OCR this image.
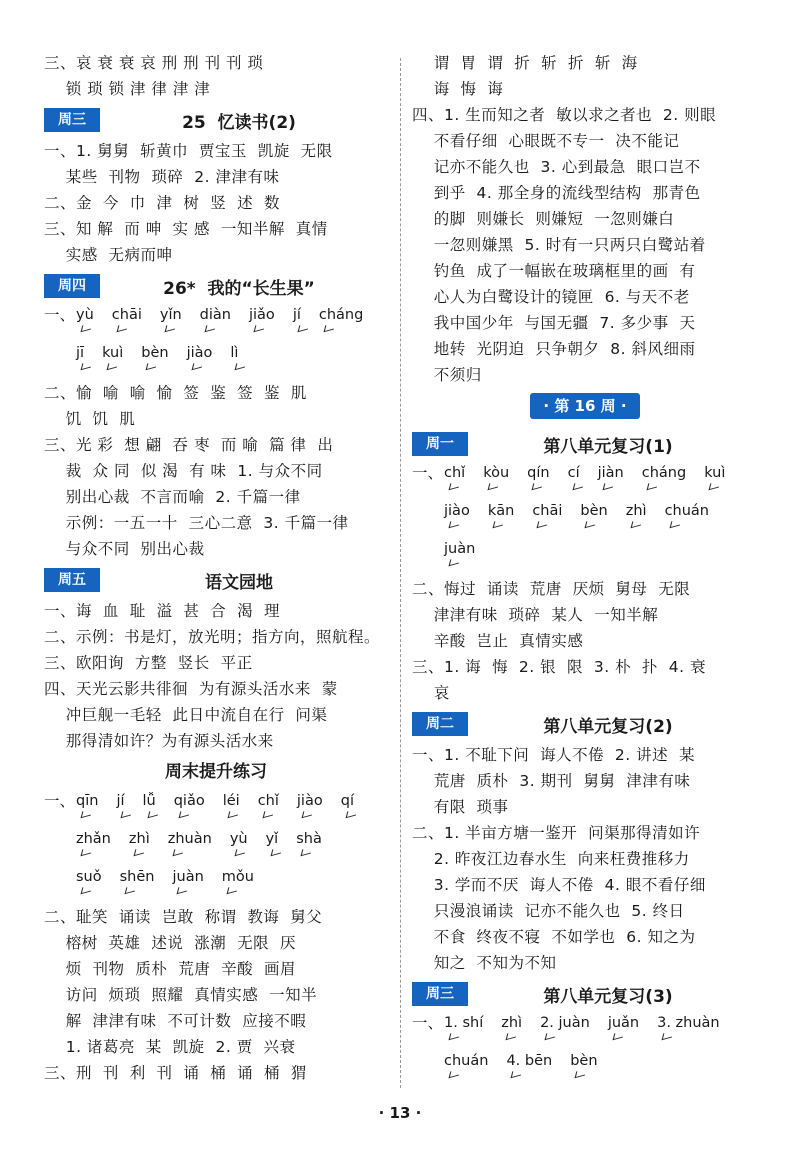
三、哀 衰 衰 哀 刑 刑 刊 刊 琐
锁 琐 锁 津 律 津 津
周三	25  忆读书(2)
一、1. 舅舅  斩黄巾  贾宝玉  凯旋  无限
某些  刊物  琐碎  2. 津津有味
二、金  今  巾  津  树  竖  述  数
三、知 解  而 呻  实 感  一知半解  真情
实感  无病而呻
周四	26*  我的“长生果”
一、 yù chāi yǐn diàn jiǎo jí cháng
jī kuì bèn jiào lì
二、愉  喻  喻  愉  签  鉴  签  鉴  肌
饥  饥  肌
三、光 彩  想 翩  吞 枣  而 喻  篇 律  出
裁  众 同  似 渴  有 味  1. 与众不同
别出心裁  不言而喻  2. 千篇一律
示例：一五一十  三心二意  3. 千篇一律
与众不同  别出心裁
周五	语文园地
一、诲  血  耻  溢  甚  合  渴  理
二、示例：书是灯，放光明；指方向，照航程。
三、欧阳询  方整  竖长  平正
四、天光云影共徘徊  为有源头活水来  蒙
冲巨舰一毛轻  此日中流自在行  问渠
那得清如许？为有源头活水来
周末提升练习
一、 qīn jí lǚ qiǎo léi chǐ jiào qí
zhǎn zhì zhuàn yù yǐ shà
suǒ shēn juàn mǒu
二、耻笑  诵读  岂敢  称谓  教诲  舅父
榕树  英雄  述说  涨潮  无限  厌
烦  刊物  质朴  荒唐  辛酸  画眉
访问  烦琐  照耀  真情实感  一知半
解  津津有味  不可计数  应接不暇
1. 诸葛亮  某  凯旋  2. 贾  兴衰
三、刑  刊  利  刊  诵  桶  诵  桶  猬
谓  胃  谓  折  斩  折  斩  海
诲  悔  诲
四、1. 生而知之者  敏以求之者也  2. 则眼
不看仔细  心眼既不专一  决不能记
记亦不能久也  3. 心到最急  眼口岂不
到乎  4. 那全身的流线型结构  那青色
的脚  则嫌长  则嫌短  一忽则嫌白
一忽则嫌黑  5. 时有一只两只白鹭站着
钓鱼  成了一幅嵌在玻璃框里的画  有
心人为白鹭设计的镜匣  6. 与天不老
我中国少年  与国无疆  7. 多少事  天
地转  光阴迫  只争朝夕  8. 斜风细雨
不须归
· 第 16 周 ·
周一	第八单元复习(1)
一、 chǐ kòu qín cí jiàn cháng kuì
jiào kān chāi bèn zhì chuán
juàn
二、悔过  诵读  荒唐  厌烦  舅母  无限
津津有味  琐碎  某人  一知半解
辛酸  岂止  真情实感
三、1. 诲  悔  2. 银  限  3. 朴  扑  4. 衰
哀
周二	第八单元复习(2)
一、1. 不耻下问  诲人不倦  2. 讲述  某
荒唐  质朴  3. 期刊  舅舅  津津有味
有限  琐事
二、1. 半亩方塘一鉴开  问渠那得清如许
2. 昨夜江边春水生  向来枉费推移力
3. 学而不厌  诲人不倦  4. 眼不看仔细
只漫浪诵读  记亦不能久也  5. 终日
不食  终夜不寝  不如学也  6. 知之为
知之  不知为不知
周三	第八单元复习(3)
一、 1. shí zhì 2. juàn juǎn 3. zhuàn
chuán 4. bēn bèn
· 13 ·
